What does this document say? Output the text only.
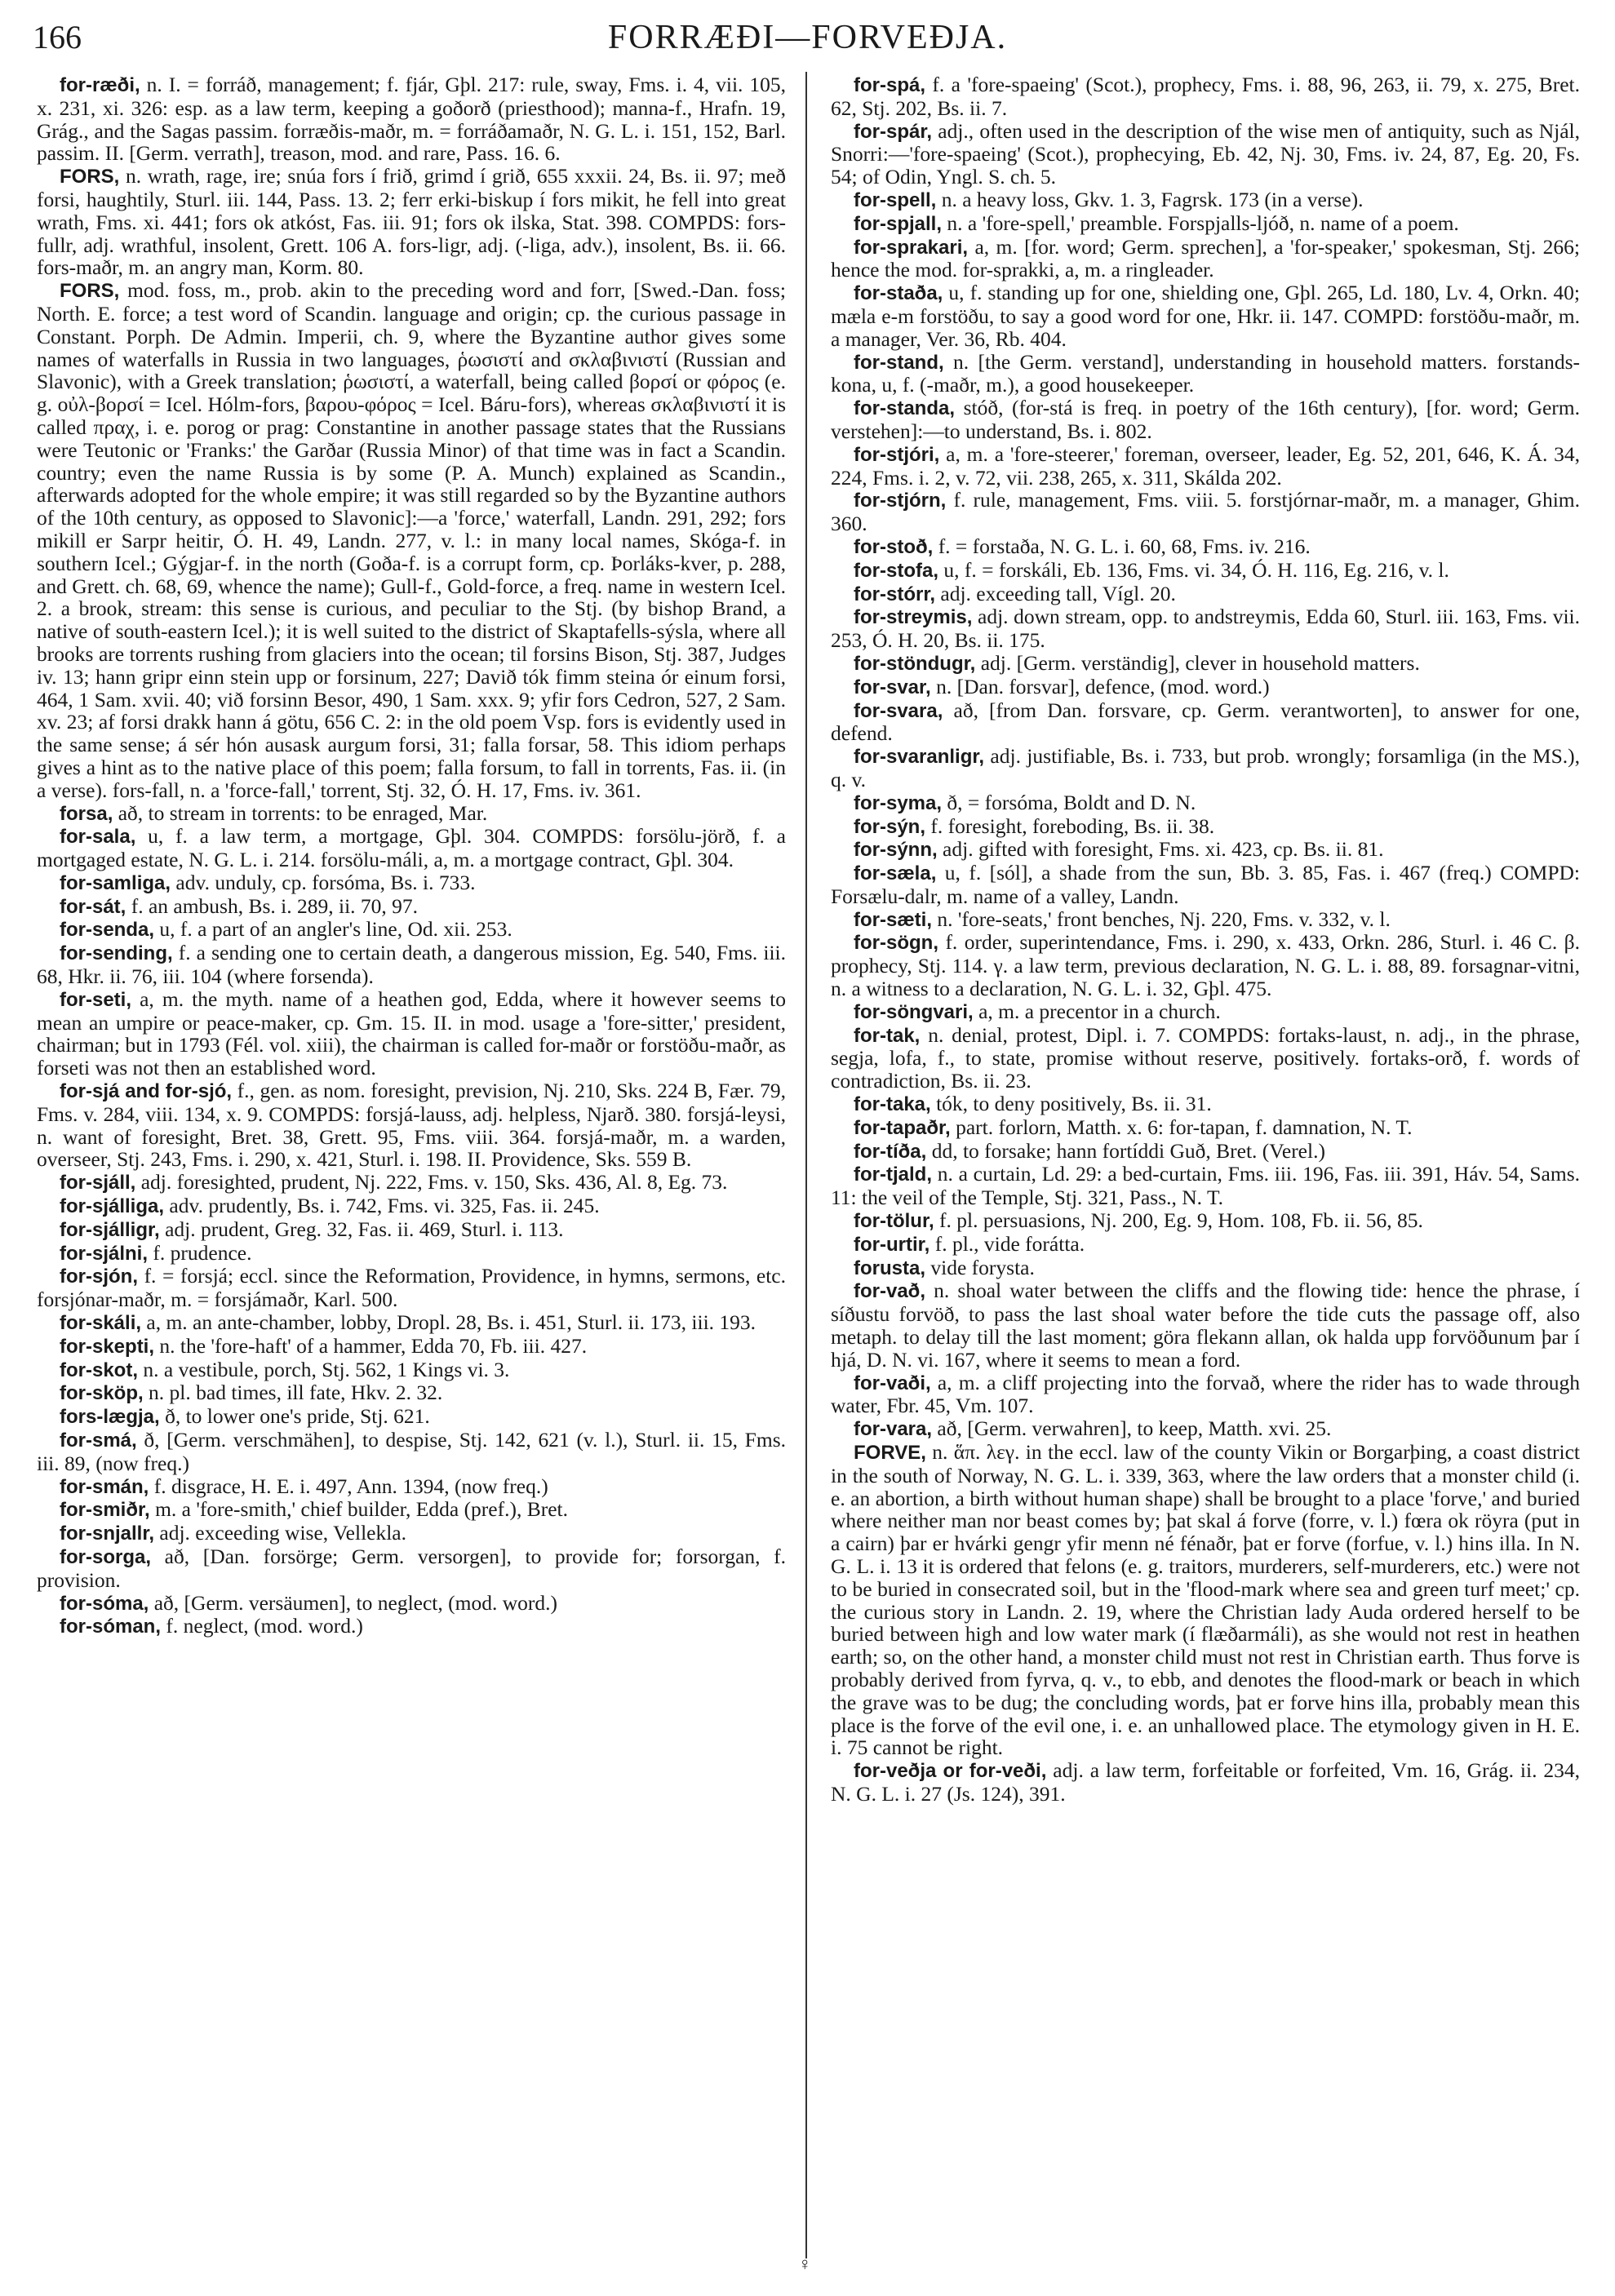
166	FORRÆÐI—FORVEÐJA.

for-ræði, n. I. = forráð, management; f. fjár, Gþl. 217: rule, sway, Fms. i. 4, vii. 105, x. 231, xi. 326: esp. as a law term, keeping a goðorð (priesthood); manna-f., Hrafn. 19, Grág., and the Sagas passim. forræðis-maðr, m. = forráðamaðr, N. G. L. i. 151, 152, Barl. passim. II. [Germ. verrath], treason, mod. and rare, Pass. 16. 6.

FORS, n. wrath, rage, ire; snúa fors í frið, grimd í grið, 655 xxxii. 24, Bs. ii. 97; með forsi, haughtily, Sturl. iii. 144, Pass. 13. 2; ferr erki-biskup í fors mikit, he fell into great wrath, Fms. xi. 441; fors ok atkóst, Fas. iii. 91; fors ok ilska, Stat. 398. COMPDS: fors-fullr, adj. wrathful, insolent, Grett. 106 A. fors-ligr, adj. (-liga, adv.), insolent, Bs. ii. 66. fors-maðr, m. an angry man, Korm. 80.

FORS, mod. foss, m., prob. akin to the preceding word and forr, [Swed.-Dan. foss; North. E. force; a test word of Scandin. language and origin; cp. the curious passage in Constant. Porph. De Admin. Imperii, ch. 9, where the Byzantine author gives some names of waterfalls in Russia in two languages, ῥωσιστί and σκλαβινιστί (Russian and Slavonic), with a Greek translation; ῥωσιστί, a waterfall, being called βορσί or φόρος (e. g. οὐλ-βορσί = Icel. Hólm-fors, βαρου-φόρος = Icel. Báru-fors), whereas σκλαβινιστί it is called πραχ, i. e. porog or prag: Constantine in another passage states that the Russians were Teutonic or 'Franks:' the Garðar (Russia Minor) of that time was in fact a Scandin. country; even the name Russia is by some (P. A. Munch) explained as Scandin., afterwards adopted for the whole empire; it was still regarded so by the Byzantine authors of the 10th century, as opposed to Slavonic]:—a 'force,' waterfall, Landn. 291, 292; fors mikill er Sarpr heitir, Ó. H. 49, Landn. 277, v. l.: in many local names, Skóga-f. in southern Icel.; Gýgjar-f. in the north (Goða-f. is a corrupt form, cp. Þorláks-kver, p. 288, and Grett. ch. 68, 69, whence the name); Gull-f., Gold-force, a freq. name in western Icel. 2. a brook, stream: this sense is curious, and peculiar to the Stj. (by bishop Brand, a native of south-eastern Icel.); it is well suited to the district of Skaptafells-sýsla, where all brooks are torrents rushing from glaciers into the ocean; til forsins Bison, Stj. 387, Judges iv. 13; hann gripr einn stein upp or forsinum, 227; Davið tók fimm steina ór einum forsi, 464, 1 Sam. xvii. 40; við forsinn Besor, 490, 1 Sam. xxx. 9; yfir fors Cedron, 527, 2 Sam. xv. 23; af forsi drakk hann á götu, 656 C. 2: in the old poem Vsp. fors is evidently used in the same sense; á sér hón ausask aurgum forsi, 31; falla forsar, 58. This idiom perhaps gives a hint as to the native place of this poem; falla forsum, to fall in torrents, Fas. ii. (in a verse). fors-fall, n. a 'force-fall,' torrent, Stj. 32, Ó. H. 17, Fms. iv. 361.

forsa, að, to stream in torrents: to be enraged, Mar.

for-sala, u, f. a law term, a mortgage, Gþl. 304. COMPDS: forsölu-jörð, f. a mortgaged estate, N. G. L. i. 214. forsölu-máli, a, m. a mortgage contract, Gþl. 304.

for-samliga, adv. unduly, cp. forsóma, Bs. i. 733.

for-sát, f. an ambush, Bs. i. 289, ii. 70, 97.

for-senda, u, f. a part of an angler's line, Od. xii. 253.

for-sending, f. a sending one to certain death, a dangerous mission, Eg. 540, Fms. iii. 68, Hkr. ii. 76, iii. 104 (where forsenda).

for-seti, a, m. the myth. name of a heathen god, Edda, where it however seems to mean an umpire or peace-maker, cp. Gm. 15. II. in mod. usage a 'fore-sitter,' president, chairman; but in 1793 (Fél. vol. xiii), the chairman is called for-maðr or forstöðu-maðr, as forseti was not then an established word.

for-sjá and for-sjó, f., gen. as nom. foresight, prevision, Nj. 210, Sks. 224 B, Fær. 79, Fms. v. 284, viii. 134, x. 9. COMPDS: forsjá-lauss, adj. helpless, Njarð. 380. forsjá-leysi, n. want of foresight, Bret. 38, Grett. 95, Fms. viii. 364. forsjá-maðr, m. a warden, overseer, Stj. 243, Fms. i. 290, x. 421, Sturl. i. 198. II. Providence, Sks. 559 B.

for-sjáll, adj. foresighted, prudent, Nj. 222, Fms. v. 150, Sks. 436, Al. 8, Eg. 73.

for-sjálliga, adv. prudently, Bs. i. 742, Fms. vi. 325, Fas. ii. 245.

for-sjálligr, adj. prudent, Greg. 32, Fas. ii. 469, Sturl. i. 113.

for-sjálni, f. prudence.

for-sjón, f. = forsjá; eccl. since the Reformation, Providence, in hymns, sermons, etc. forsjónar-maðr, m. = forsjámaðr, Karl. 500.

for-skáli, a, m. an ante-chamber, lobby, Dropl. 28, Bs. i. 451, Sturl. ii. 173, iii. 193.

for-skepti, n. the 'fore-haft' of a hammer, Edda 70, Fb. iii. 427.

for-skot, n. a vestibule, porch, Stj. 562, 1 Kings vi. 3.

for-sköp, n. pl. bad times, ill fate, Hkv. 2. 32.

fors-lægja, ð, to lower one's pride, Stj. 621.

for-smá, ð, [Germ. verschmähen], to despise, Stj. 142, 621 (v. l.), Sturl. ii. 15, Fms. iii. 89, (now freq.)

for-smán, f. disgrace, H. E. i. 497, Ann. 1394, (now freq.)

for-smiðr, m. a 'fore-smith,' chief builder, Edda (pref.), Bret.

for-snjallr, adj. exceeding wise, Vellekla.

for-sorga, að, [Dan. forsörge; Germ. versorgen], to provide for; forsorgan, f. provision.

for-sóma, að, [Germ. versäumen], to neglect, (mod. word.)

for-sóman, f. neglect, (mod. word.)

♀

for-spá, f. a 'fore-spaeing' (Scot.), prophecy, Fms. i. 88, 96, 263, ii. 79, x. 275, Bret. 62, Stj. 202, Bs. ii. 7.

for-spár, adj., often used in the description of the wise men of antiquity, such as Njál, Snorri:—'fore-spaeing' (Scot.), prophecying, Eb. 42, Nj. 30, Fms. iv. 24, 87, Eg. 20, Fs. 54; of Odin, Yngl. S. ch. 5.

for-spell, n. a heavy loss, Gkv. 1. 3, Fagrsk. 173 (in a verse).

for-spjall, n. a 'fore-spell,' preamble. Forspjalls-ljóð, n. name of a poem.

for-sprakari, a, m. [for. word; Germ. sprechen], a 'for-speaker,' spokesman, Stj. 266; hence the mod. for-sprakki, a, m. a ringleader.

for-staða, u, f. standing up for one, shielding one, Gþl. 265, Ld. 180, Lv. 4, Orkn. 40; mæla e-m forstöðu, to say a good word for one, Hkr. ii. 147. COMPD: forstöðu-maðr, m. a manager, Ver. 36, Rb. 404.

for-stand, n. [the Germ. verstand], understanding in household matters. forstands-kona, u, f. (-maðr, m.), a good housekeeper.

for-standa, stóð, (for-stá is freq. in poetry of the 16th century), [for. word; Germ. verstehen]:—to understand, Bs. i. 802.

for-stjóri, a, m. a 'fore-steerer,' foreman, overseer, leader, Eg. 52, 201, 646, K. Á. 34, 224, Fms. i. 2, v. 72, vii. 238, 265, x. 311, Skálda 202.

for-stjórn, f. rule, management, Fms. viii. 5. forstjórnar-maðr, m. a manager, Ghim. 360.

for-stoð, f. = forstaða, N. G. L. i. 60, 68, Fms. iv. 216.

for-stofa, u, f. = forskáli, Eb. 136, Fms. vi. 34, Ó. H. 116, Eg. 216, v. l.

for-stórr, adj. exceeding tall, Vígl. 20.

for-streymis, adj. down stream, opp. to andstreymis, Edda 60, Sturl. iii. 163, Fms. vii. 253, Ó. H. 20, Bs. ii. 175.

for-stöndugr, adj. [Germ. verständig], clever in household matters.

for-svar, n. [Dan. forsvar], defence, (mod. word.)

for-svara, að, [from Dan. forsvare, cp. Germ. verantworten], to answer for one, defend.

for-svaranligr, adj. justifiable, Bs. i. 733, but prob. wrongly; forsamliga (in the MS.), q. v.

for-syma, ð, = forsóma, Boldt and D. N.

for-sýn, f. foresight, foreboding, Bs. ii. 38.

for-sýnn, adj. gifted with foresight, Fms. xi. 423, cp. Bs. ii. 81.

for-sæla, u, f. [sól], a shade from the sun, Bb. 3. 85, Fas. i. 467 (freq.) COMPD: Forsælu-dalr, m. name of a valley, Landn.

for-sæti, n. 'fore-seats,' front benches, Nj. 220, Fms. v. 332, v. l.

for-sögn, f. order, superintendance, Fms. i. 290, x. 433, Orkn. 286, Sturl. i. 46 C. β. prophecy, Stj. 114. γ. a law term, previous declaration, N. G. L. i. 88, 89. forsagnar-vitni, n. a witness to a declaration, N. G. L. i. 32, Gþl. 475.

for-söngvari, a, m. a precentor in a church.

for-tak, n. denial, protest, Dipl. i. 7. COMPDS: fortaks-laust, n. adj., in the phrase, segja, lofa, f., to state, promise without reserve, positively. fortaks-orð, f. words of contradiction, Bs. ii. 23.

for-taka, tók, to deny positively, Bs. ii. 31.

for-tapaðr, part. forlorn, Matth. x. 6: for-tapan, f. damnation, N. T.

for-tíða, dd, to forsake; hann fortíddi Guð, Bret. (Verel.)

for-tjald, n. a curtain, Ld. 29: a bed-curtain, Fms. iii. 196, Fas. iii. 391, Háv. 54, Sams. 11: the veil of the Temple, Stj. 321, Pass., N. T.

for-tölur, f. pl. persuasions, Nj. 200, Eg. 9, Hom. 108, Fb. ii. 56, 85.

for-urtir, f. pl., vide forátta.

forusta, vide forysta.

for-vað, n. shoal water between the cliffs and the flowing tide: hence the phrase, í síðustu forvöð, to pass the last shoal water before the tide cuts the passage off, also metaph. to delay till the last moment; göra flekann allan, ok halda upp forvöðunum þar í hjá, D. N. vi. 167, where it seems to mean a ford.

for-vaði, a, m. a cliff projecting into the forvað, where the rider has to wade through water, Fbr. 45, Vm. 107.

for-vara, að, [Germ. verwahren], to keep, Matth. xvi. 25.

FORVE, n. ἅπ. λεγ. in the eccl. law of the county Vikin or Borgarþing, a coast district in the south of Norway, N. G. L. i. 339, 363, where the law orders that a monster child (i. e. an abortion, a birth without human shape) shall be brought to a place 'forve,' and buried where neither man nor beast comes by; þat skal á forve (forre, v. l.) fœra ok röyra (put in a cairn) þar er hvárki gengr yfir menn né fénaðr, þat er forve (forfue, v. l.) hins illa. In N. G. L. i. 13 it is ordered that felons (e. g. traitors, murderers, self-murderers, etc.) were not to be buried in consecrated soil, but in the 'flood-mark where sea and green turf meet;' cp. the curious story in Landn. 2. 19, where the Christian lady Auda ordered herself to be buried between high and low water mark (í flæðarmáli), as she would not rest in heathen earth; so, on the other hand, a monster child must not rest in Christian earth. Thus forve is probably derived from fyrva, q. v., to ebb, and denotes the flood-mark or beach in which the grave was to be dug; the concluding words, þat er forve hins illa, probably mean this place is the forve of the evil one, i. e. an unhallowed place. The etymology given in H. E. i. 75 cannot be right.

for-veðja or for-veði, adj. a law term, forfeitable or forfeited, Vm. 16, Grág. ii. 234, N. G. L. i. 27 (Js. 124), 391.
